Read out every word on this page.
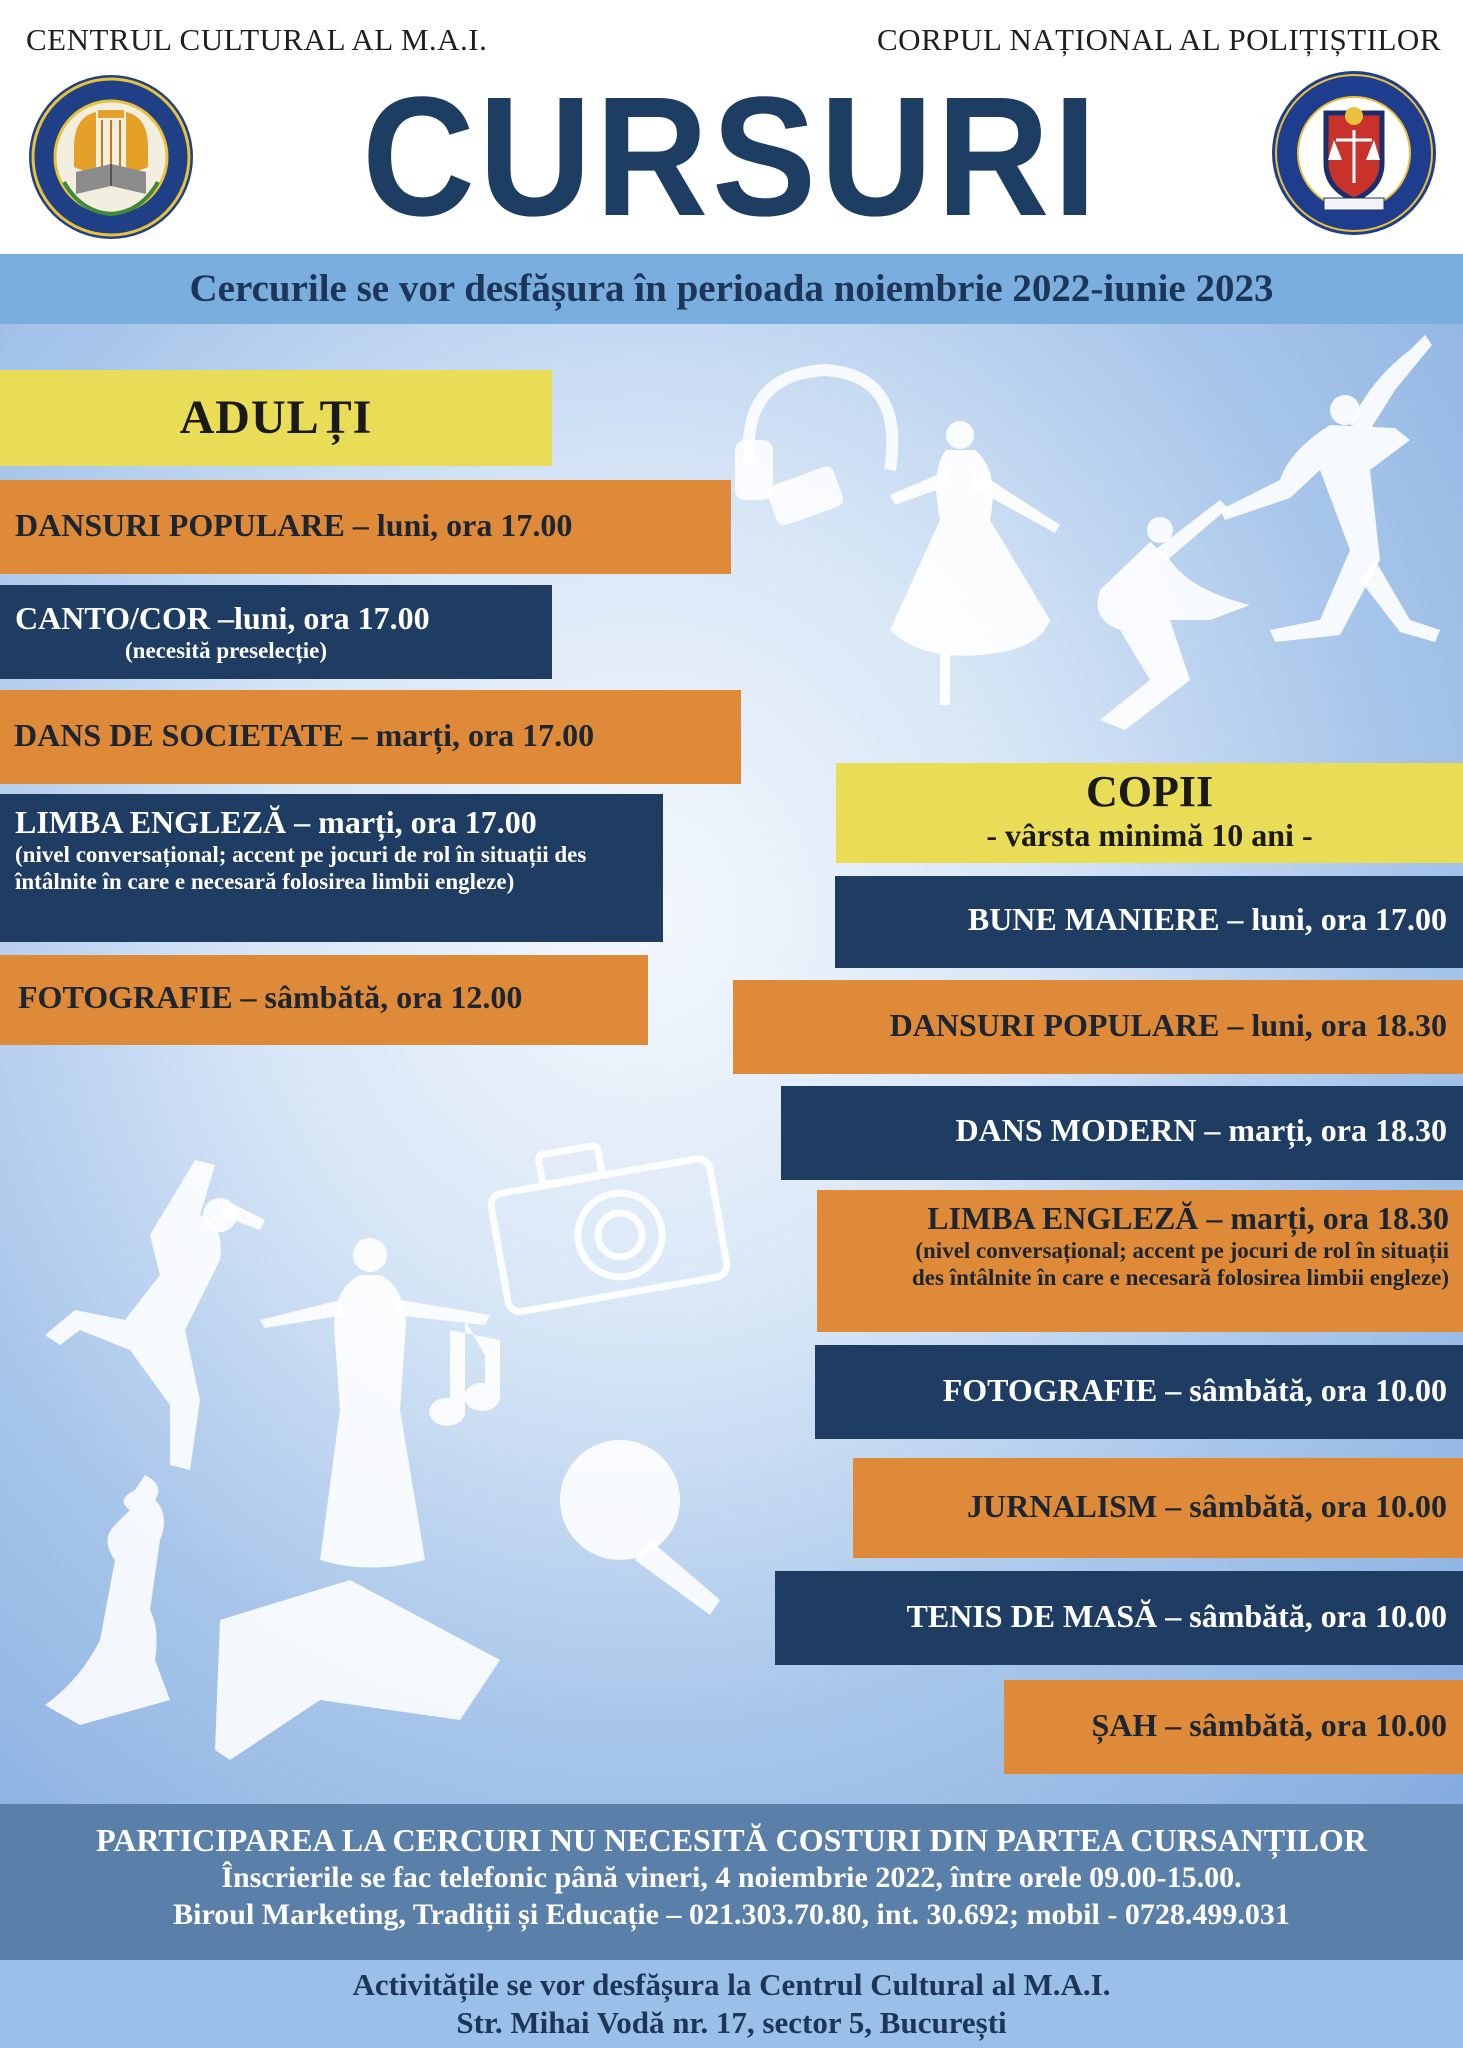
CENTRUL CULTURAL AL M.A.I.	CORPUL NAȚIONAL AL POLIȚIȘTILOR
CURSURI
Cercurile se vor desfășura în perioada noiembrie 2022-iunie 2023
ADULȚI
DANSURI POPULARE – luni, ora 17.00
CANTO/COR –luni, ora 17.00
(necesită preselecție)
DANS DE SOCIETATE – marți, ora 17.00
LIMBA ENGLEZĂ – marți, ora 17.00
(nivel conversațional; accent pe jocuri de rol în situații des întâlnite în care e necesară folosirea limbii engleze)
FOTOGRAFIE – sâmbătă, ora 12.00
COPII
- vârsta minimă 10 ani -
BUNE MANIERE – luni, ora 17.00
DANSURI POPULARE – luni, ora 18.30
DANS MODERN – marți, ora 18.30
LIMBA ENGLEZĂ – marți, ora 18.30
(nivel conversațional; accent pe jocuri de rol în situații des întâlnite în care e necesară folosirea limbii engleze)
FOTOGRAFIE – sâmbătă, ora 10.00
JURNALISM – sâmbătă, ora 10.00
TENIS DE MASĂ – sâmbătă, ora 10.00
ȘAH – sâmbătă, ora 10.00
PARTICIPAREA LA CERCURI NU NECESITĂ COSTURI DIN PARTEA CURSANȚILOR
Înscrierile se fac telefonic până vineri, 4 noiembrie 2022, între orele 09.00-15.00.
Biroul Marketing, Tradiții și Educație – 021.303.70.80, int. 30.692; mobil - 0728.499.031
Activitățile se vor desfășura la Centrul Cultural al M.A.I.
Str. Mihai Vodă nr. 17, sector 5, București
